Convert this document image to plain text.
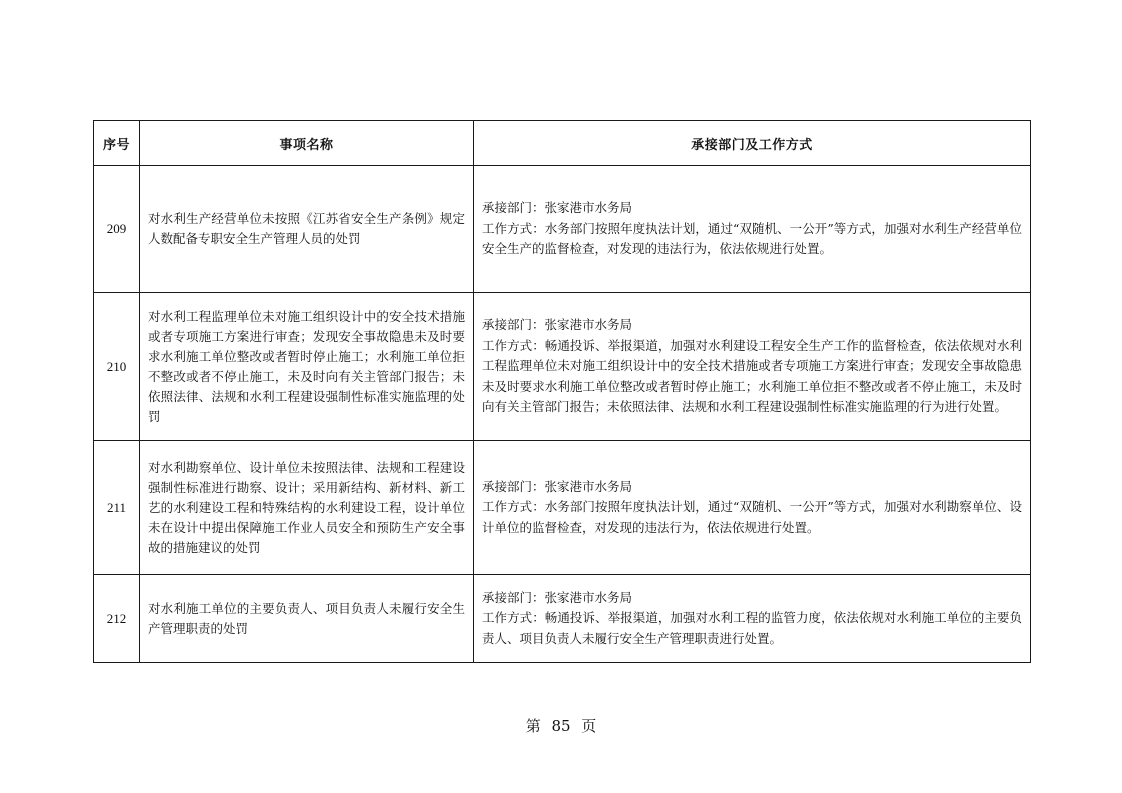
序号	事项名称	承接部门及工作方式
209	对水利生产经营单位未按照《江苏省安全生产条例》规定人数配备专职安全生产管理人员的处罚	承接部门：张家港市水务局
工作方式：水务部门按照年度执法计划，通过“双随机、一公开”等方式，加强对水利生产经营单位安全生产的监督检查，对发现的违法行为，依法依规进行处置。

210	对水利工程监理单位未对施工组织设计中的安全技术措施或者专项施工方案进行审查；发现安全事故隐患未及时要求水利施工单位整改或者暂时停止施工；水利施工单位拒不整改或者不停止施工，未及时向有关主管部门报告；未依照法律、法规和水利工程建设强制性标准实施监理的处罚	承接部门：张家港市水务局
工作方式：畅通投诉、举报渠道，加强对水利建设工程安全生产工作的监督检查，依法依规对水利工程监理单位未对施工组织设计中的安全技术措施或者专项施工方案进行审查；发现安全事故隐患未及时要求水利施工单位整改或者暂时停止施工；水利施工单位拒不整改或者不停止施工，未及时向有关主管部门报告；未依照法律、法规和水利工程建设强制性标准实施监理的行为进行处置。

211	对水利勘察单位、设计单位未按照法律、法规和工程建设强制性标准进行勘察、设计；采用新结构、新材料、新工艺的水利建设工程和特殊结构的水利建设工程，设计单位未在设计中提出保障施工作业人员安全和预防生产安全事故的措施建议的处罚	承接部门：张家港市水务局
工作方式：水务部门按照年度执法计划，通过“双随机、一公开”等方式，加强对水利勘察单位、设计单位的监督检查，对发现的违法行为，依法依规进行处置。

212	对水利施工单位的主要负责人、项目负责人未履行安全生产管理职责的处罚	承接部门：张家港市水务局
工作方式：畅通投诉、举报渠道，加强对水利工程的监管力度，依法依规对水利施工单位的主要负责人、项目负责人未履行安全生产管理职责进行处置。
第 85 页
